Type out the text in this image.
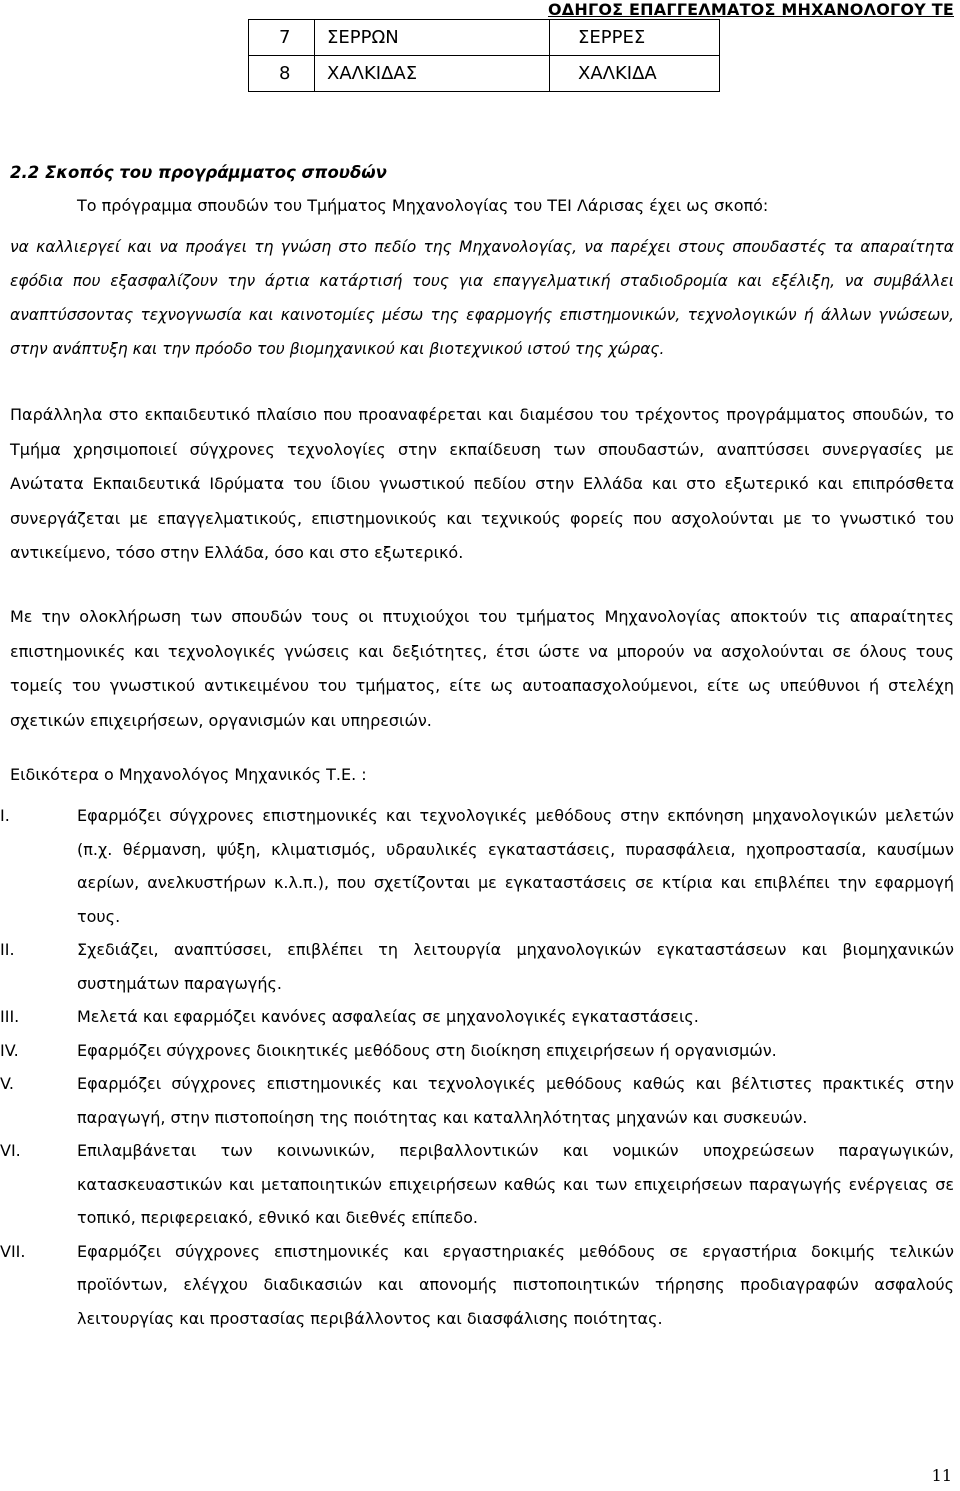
ΟΔΗΓΟΣ ΕΠΑΓΓΕΛΜΑΤΟΣ ΜΗΧΑΝΟΛΟΓΟΥ ΤΕ
7	ΣΕΡΡΩΝ	ΣΕΡΡΕΣ
8	ΧΑΛΚΙΔΑΣ	ΧΑΛΚΙΔΑ
2.2 Σκοπός του προγράμματος σπουδών
Το πρόγραμμα σπουδών του Τμήματος Μηχανολογίας του ΤΕΙ Λάρισας έχει ως σκοπό:
να καλλιεργεί και να προάγει τη γνώση στο πεδίο της Μηχανολογίας, να παρέχει στους σπουδαστές τα απαραίτητα εφόδια που εξασφαλίζουν την άρτια κατάρτισή τους για επαγγελματική σταδιοδρομία και εξέλιξη, να συμβάλλει αναπτύσσοντας τεχνογνωσία και καινοτομίες μέσω της εφαρμογής επιστημονικών, τεχνολογικών ή άλλων γνώσεων, στην ανάπτυξη και την πρόοδο του βιομηχανικού και βιοτεχνικού ιστού της χώρας.
Παράλληλα στο εκπαιδευτικό πλαίσιο που προαναφέρεται και διαμέσου του τρέχοντος προγράμματος σπουδών, το Τμήμα χρησιμοποιεί σύγχρονες τεχνολογίες στην εκπαίδευση των σπουδαστών, αναπτύσσει συνεργασίες με Ανώτατα Εκπαιδευτικά Ιδρύματα του ίδιου γνωστικού πεδίου στην Ελλάδα και στο εξωτερικό και επιπρόσθετα συνεργάζεται με επαγγελματικούς, επιστημονικούς και τεχνικούς φορείς που ασχολούνται με το γνωστικό του αντικείμενο, τόσο στην Ελλάδα, όσο και στο εξωτερικό.
Με την ολοκλήρωση των σπουδών τους οι πτυχιούχοι του τμήματος Μηχανολογίας αποκτούν τις απαραίτητες επιστημονικές και τεχνολογικές γνώσεις και δεξιότητες, έτσι ώστε να μπορούν να ασχολούνται σε όλους τους τομείς του γνωστικού αντικειμένου του τμήματος, είτε ως αυτοαπασχολούμενοι, είτε ως υπεύθυνοι ή στελέχη σχετικών επιχειρήσεων, οργανισμών και υπηρεσιών.
Ειδικότερα ο Μηχανολόγος Μηχανικός Τ.Ε. :
I.	Εφαρμόζει σύγχρονες επιστημονικές και τεχνολογικές μεθόδους στην εκπόνηση μηχανολογικών μελετών (π.χ. θέρμανση, ψύξη, κλιματισμός, υδραυλικές εγκαταστάσεις, πυρασφάλεια, ηχοπροστασία, καυσίμων αερίων, ανελκυστήρων κ.λ.π.), που σχετίζονται με εγκαταστάσεις σε κτίρια και επιβλέπει την εφαρμογή τους.
II.	Σχεδιάζει, αναπτύσσει, επιβλέπει τη λειτουργία μηχανολογικών εγκαταστάσεων και βιομηχανικών συστημάτων παραγωγής.
III.	Μελετά και εφαρμόζει κανόνες ασφαλείας σε μηχανολογικές εγκαταστάσεις.
IV.	Εφαρμόζει σύγχρονες διοικητικές μεθόδους στη διοίκηση επιχειρήσεων ή οργανισμών.
V.	Εφαρμόζει σύγχρονες επιστημονικές και τεχνολογικές μεθόδους καθώς και βέλτιστες πρακτικές στην παραγωγή, στην πιστοποίηση της ποιότητας και καταλληλότητας μηχανών και συσκευών.
VI.	Επιλαμβάνεται των κοινωνικών, περιβαλλοντικών και νομικών υποχρεώσεων παραγωγικών, κατασκευαστικών και μεταποιητικών επιχειρήσεων καθώς και των επιχειρήσεων παραγωγής ενέργειας σε τοπικό, περιφερειακό, εθνικό και διεθνές επίπεδο.
VII.	Εφαρμόζει σύγχρονες επιστημονικές και εργαστηριακές μεθόδους σε εργαστήρια δοκιμής τελικών προϊόντων, ελέγχου διαδικασιών και απονομής πιστοποιητικών τήρησης προδιαγραφών ασφαλούς λειτουργίας και προστασίας περιβάλλοντος και διασφάλισης ποιότητας.
11
